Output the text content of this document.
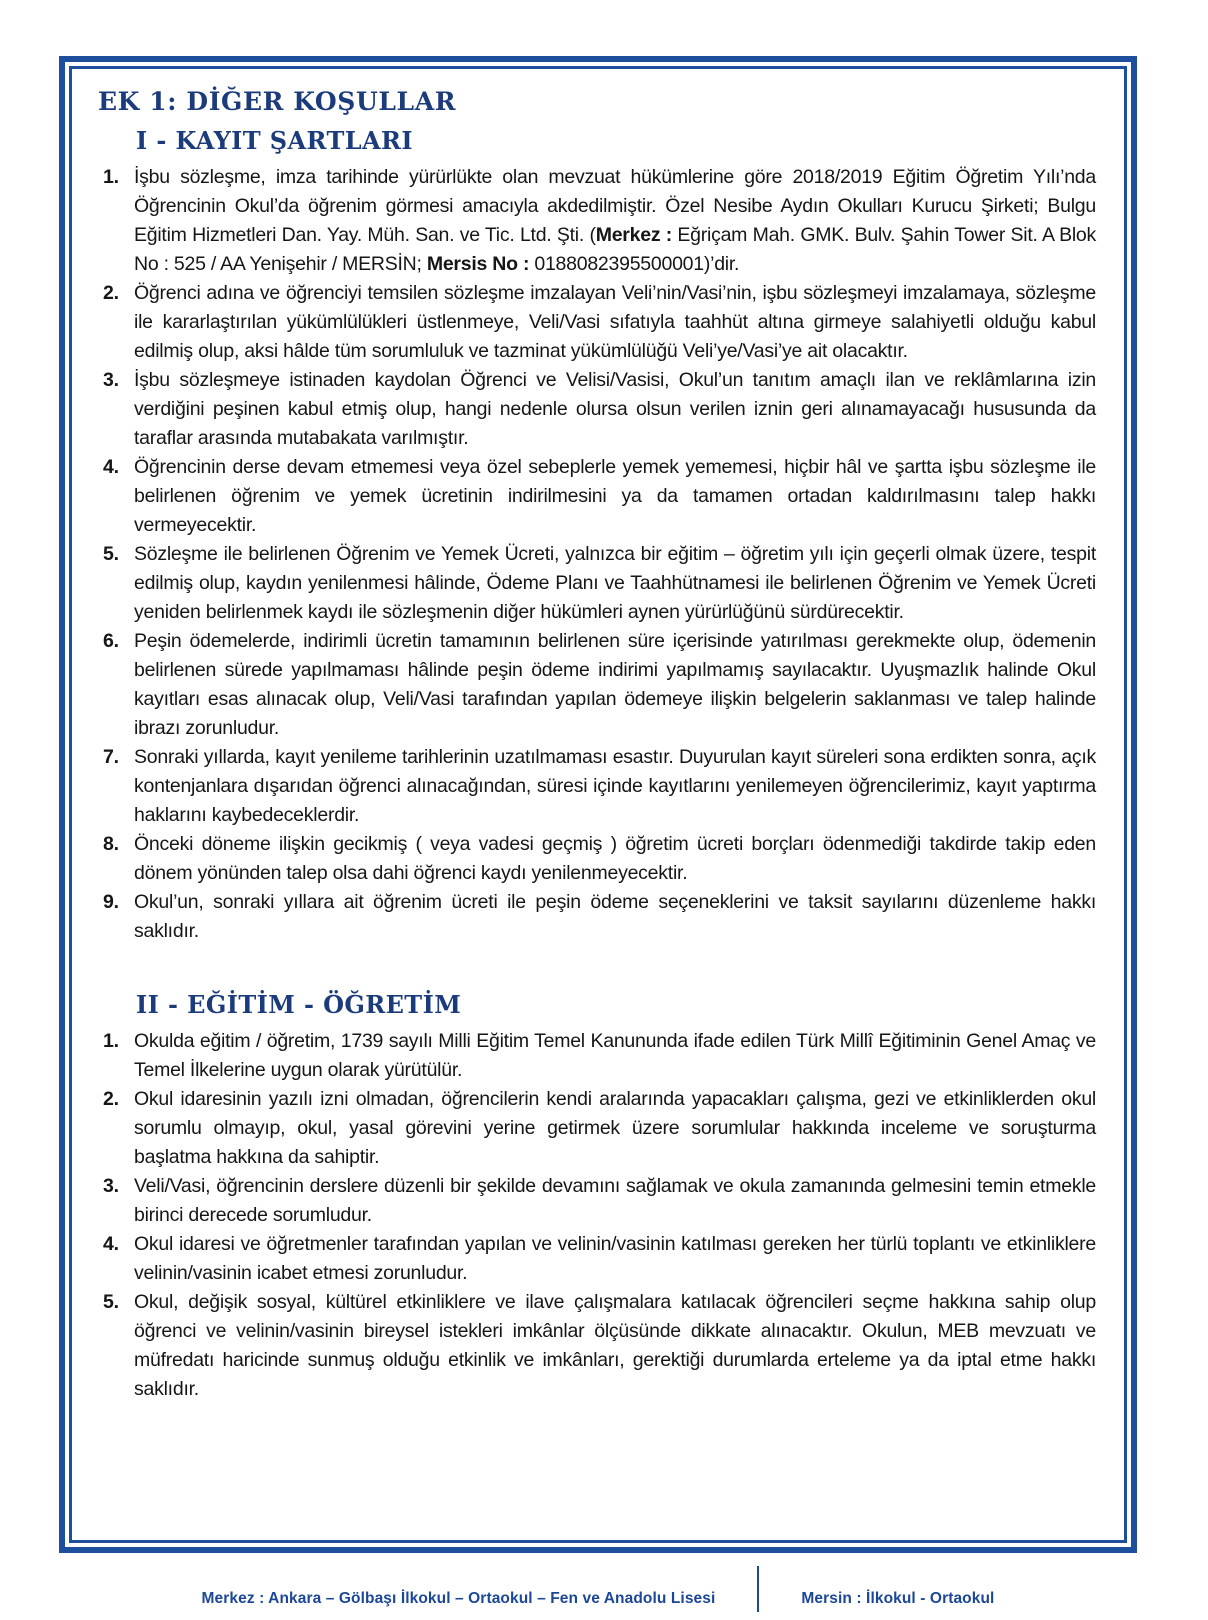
EK 1: DİĞER KOŞULLAR
I - KAYIT ŞARTLARI
1. İşbu sözleşme, imza tarihinde yürürlükte olan mevzuat hükümlerine göre 2018/2019 Eğitim Öğretim Yılı’nda Öğrencinin Okul’da öğrenim görmesi amacıyla akdedilmiştir. Özel Nesibe Aydın Okulları Kurucu Şirketi; Bulgu Eğitim Hizmetleri Dan. Yay. Müh. San. ve Tic. Ltd. Şti. (Merkez : Eğriçam Mah. GMK. Bulv. Şahin Tower Sit. A Blok No : 525 / AA Yenişehir / MERSİN; Mersis No : 0188082395500001)’dir.
2. Öğrenci adına ve öğrenciyi temsilen sözleşme imzalayan Veli’nin/Vasi’nin, işbu sözleşmeyi imzalamaya, sözleşme ile kararlaştırılan yükümlülükleri üstlenmeye, Veli/Vasi sıfatıyla taahhüt altına girmeye salahiyetli olduğu kabul edilmiş olup, aksi hâlde tüm sorumluluk ve tazminat yükümlülüğü Veli’ye/Vasi’ye ait olacaktır.
3. İşbu sözleşmeye istinaden kaydolan Öğrenci ve Velisi/Vasisi, Okul’un tanıtım amaçlı ilan ve reklâmlarına izin verdiğini peşinen kabul etmiş olup, hangi nedenle olursa olsun verilen iznin geri alınamayacağı hususunda da taraflar arasında mutabakata varılmıştır.
4. Öğrencinin derse devam etmemesi veya özel sebeplerle yemek yememesi, hiçbir hâl ve şartta işbu sözleşme ile belirlenen öğrenim ve yemek ücretinin indirilmesini ya da tamamen ortadan kaldırılmasını talep hakkı vermeyecektir.
5. Sözleşme ile belirlenen Öğrenim ve Yemek Ücreti, yalnızca bir eğitim – öğretim yılı için geçerli olmak üzere, tespit edilmiş olup, kaydın yenilenmesi hâlinde, Ödeme Planı ve Taahhütnamesi ile belirlenen Öğrenim ve Yemek Ücreti yeniden belirlenmek kaydı ile sözleşmenin diğer hükümleri aynen yürürlüğünü sürdürecektir.
6. Peşin ödemelerde, indirimli ücretin tamamının belirlenen süre içerisinde yatırılması gerekmekte olup, ödemenin belirlenen sürede yapılmaması hâlinde peşin ödeme indirimi yapılmamış sayılacaktır. Uyuşmazlık halinde Okul kayıtları esas alınacak olup, Veli/Vasi tarafından yapılan ödemeye ilişkin belgelerin saklanması ve talep halinde ibrazı zorunludur.
7. Sonraki yıllarda, kayıt yenileme tarihlerinin uzatılmaması esastır. Duyurulan kayıt süreleri sona erdikten sonra, açık kontenjanlara dışarıdan öğrenci alınacağından, süresi içinde kayıtlarını yenilemeyen öğrencilerimiz, kayıt yaptırma haklarını kaybedeceklerdir.
8. Önceki döneme ilişkin gecikmiş ( veya vadesi geçmiş ) öğretim ücreti borçları ödenmediği takdirde takip eden dönem yönünden talep olsa dahi öğrenci kaydı yenilenmeyecektir.
9. Okul’un, sonraki yıllara ait öğrenim ücreti ile peşin ödeme seçeneklerini ve taksit sayılarını düzenleme hakkı saklıdır.
II - EĞİTİM - ÖĞRETİM
1. Okulda eğitim / öğretim, 1739 sayılı Milli Eğitim Temel Kanununda ifade edilen Türk Millî Eğitiminin Genel Amaç ve Temel İlkelerine uygun olarak yürütülür.
2. Okul idaresinin yazılı izni olmadan, öğrencilerin kendi aralarında yapacakları çalışma, gezi ve etkinliklerden okul sorumlu olmayıp, okul, yasal görevini yerine getirmek üzere sorumlular hakkında inceleme ve soruşturma başlatma hakkına da sahiptir.
3. Veli/Vasi, öğrencinin derslere düzenli bir şekilde devamını sağlamak ve okula zamanında gelmesini temin etmekle birinci derecede sorumludur.
4. Okul idaresi ve öğretmenler tarafından yapılan ve velinin/vasinin katılması gereken her türlü toplantı ve etkinliklere velinin/vasinin icabet etmesi zorunludur.
5. Okul, değişik sosyal, kültürel etkinliklere ve ilave çalışmalara katılacak öğrencileri seçme hakkına sahip olup öğrenci ve velinin/vasinin bireysel istekleri imkânlar ölçüsünde dikkate alınacaktır. Okulun, MEB mevzuatı ve müfredatı haricinde sunmuş olduğu etkinlik ve imkânları, gerektiği durumlarda erteleme ya da iptal etme hakkı saklıdır.
Merkez : Ankara – Gölbaşı İlkokul – Ortaokul – Fen ve Anadolu Lisesi	Mersin : İlkokul - Ortaokul
